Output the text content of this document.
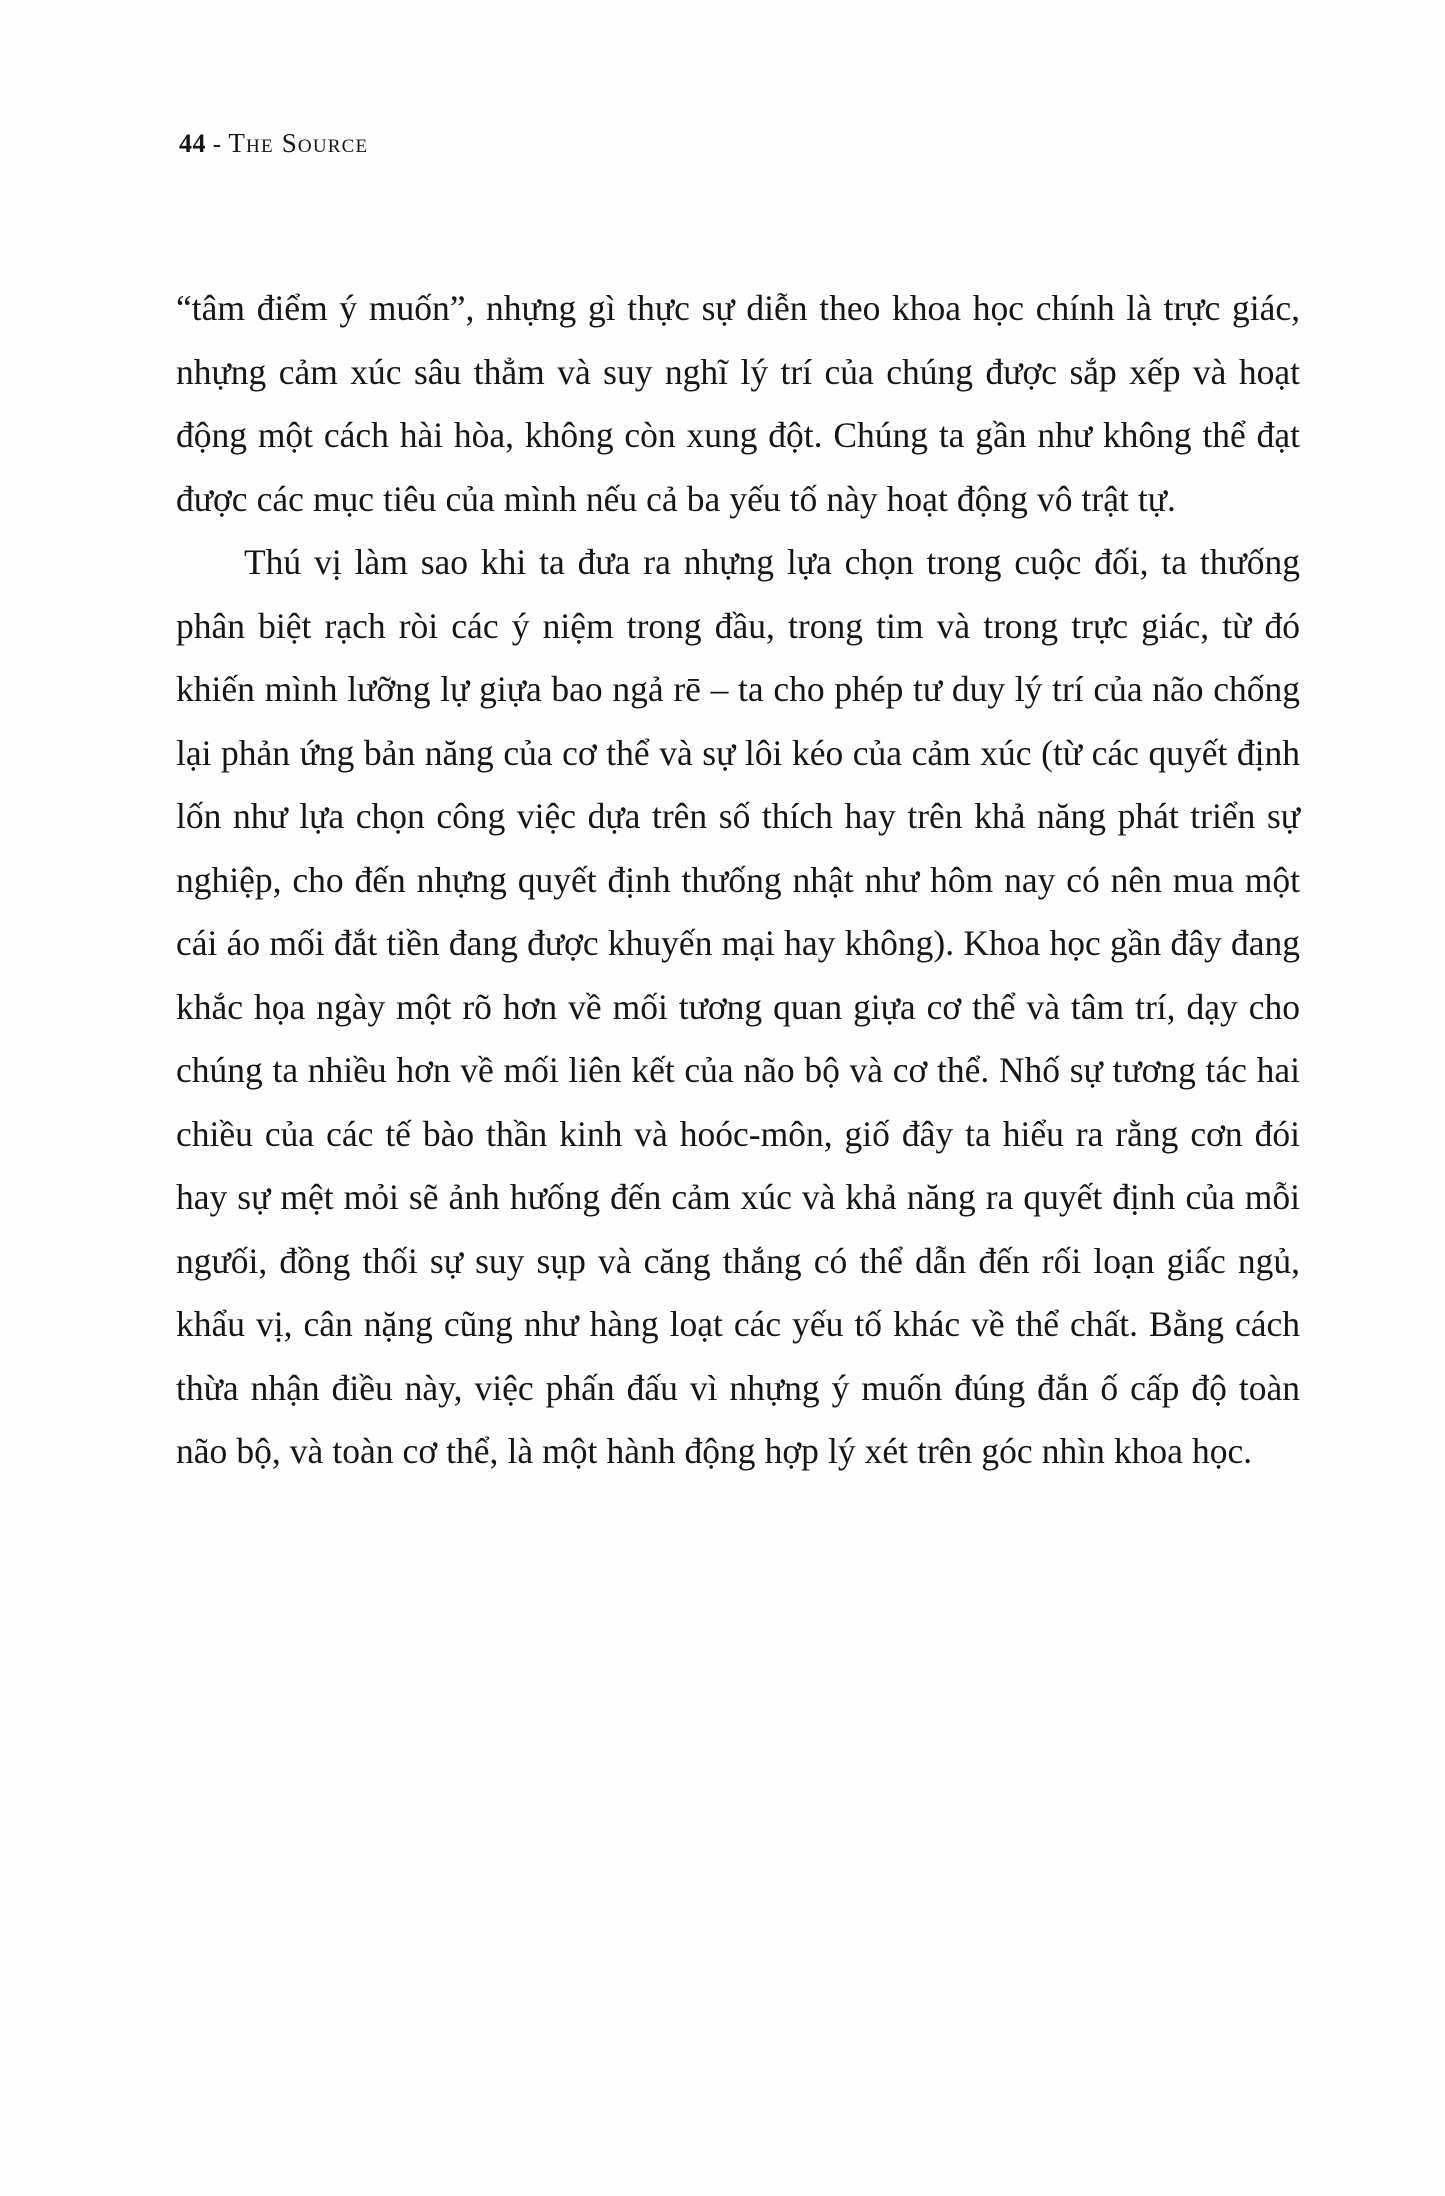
44 - The Source

“tâm điểm ý muốn”, nhựng gì thực sự diễn theo khoa học chính là trực giác, nhựng cảm xúc sâu thẳm và suy nghĩ lý trí của chúng được sắp xếp và hoạt động một cách hài hòa, không còn xung đột. Chúng ta gần như không thể đạt được các mục tiêu của mình nếu cả ba yếu tố này hoạt động vô trật tự.

Thú vị làm sao khi ta đưa ra nhựng lựa chọn trong cuộc đối, ta thưống phân biệt rạch ròi các ý niệm trong đầu, trong tim và trong trực giác, từ đó khiến mình lưỡng lự giựa bao ngả rē – ta cho phép tư duy lý trí của não chống lại phản ứng bản năng của cơ thể và sự lôi kéo của cảm xúc (từ các quyết định lốn như lựa chọn công việc dựa trên số thích hay trên khả năng phát triển sự nghiệp, cho đến nhựng quyết định thưống nhật như hôm nay có nên mua một cái áo mối đắt tiền đang được khuyến mại hay không). Khoa học gần đây đang khắc họa ngày một rõ hơn về mối tương quan giựa cơ thể và tâm trí, dạy cho chúng ta nhiều hơn về mối liên kết của não bộ và cơ thể. Nhố sự tương tác hai chiều của các tế bào thần kinh và hoóc-môn, giố đây ta hiểu ra rằng cơn đói hay sự mệt mỏi sẽ ảnh hưống đến cảm xúc và khả năng ra quyết định của mỗi ngưối, đồng thối sự suy sụp và căng thắng có thể dẫn đến rối loạn giấc ngủ, khẩu vị, cân nặng cũng như hàng loạt các yếu tố khác về thể chất. Bằng cách thừa nhận điều này, việc phấn đấu vì nhựng ý muốn đúng đắn ố cấp độ toàn não bộ, và toàn cơ thể, là một hành động hợp lý xét trên góc nhìn khoa học.
